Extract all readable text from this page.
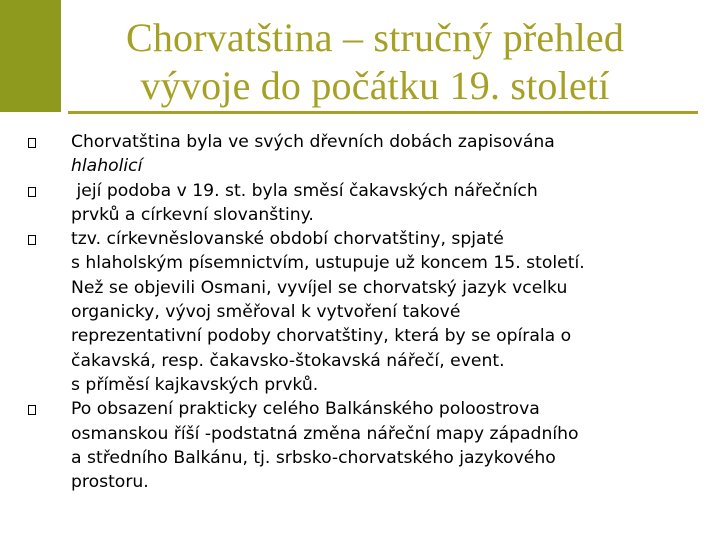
Chorvatština – stručný přehled
vývoje do počátku 19. století
Chorvatština byla ve svých dřevních dobách zapisována
hlaholicí
její podoba v 19. st. byla směsí čakavských nářečních
prvků a církevní slovanštiny.
tzv. církevněslovanské období chorvatštiny, spjaté
s hlaholským písemnictvím, ustupuje už koncem 15. století.
Než se objevili Osmani, vyvíjel se chorvatský jazyk vcelku
organicky, vývoj směřoval k vytvoření takové
reprezentativní podoby chorvatštiny, která by se opírala o
čakavská, resp. čakavsko-štokavská nářečí, event.
s příměsí kajkavských prvků.
Po obsazení prakticky celého Balkánského poloostrova
osmanskou říší -podstatná změna nářeční mapy západního
a středního Balkánu, tj. srbsko-chorvatského jazykového
prostoru.
